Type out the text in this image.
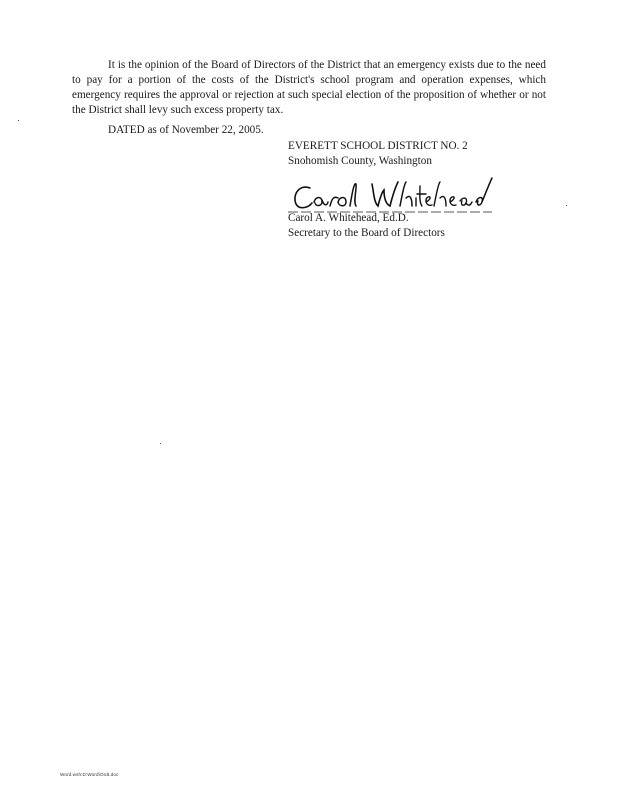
It is the opinion of the Board of Directors of the District that an emergency exists due to the need to pay for a portion of the costs of the District's school program and operation expenses, which emergency requires the approval or rejection at such special election of the proposition of whether or not the District shall levy such excess property tax.

DATED as of November 22, 2005.

EVERETT SCHOOL DISTRICT NO. 2
Snohomish County, Washington
Carol A. Whitehead, Ed.D.
Secretary to the Board of Directors
Word.wsh:D:Word\Ordt.doc
